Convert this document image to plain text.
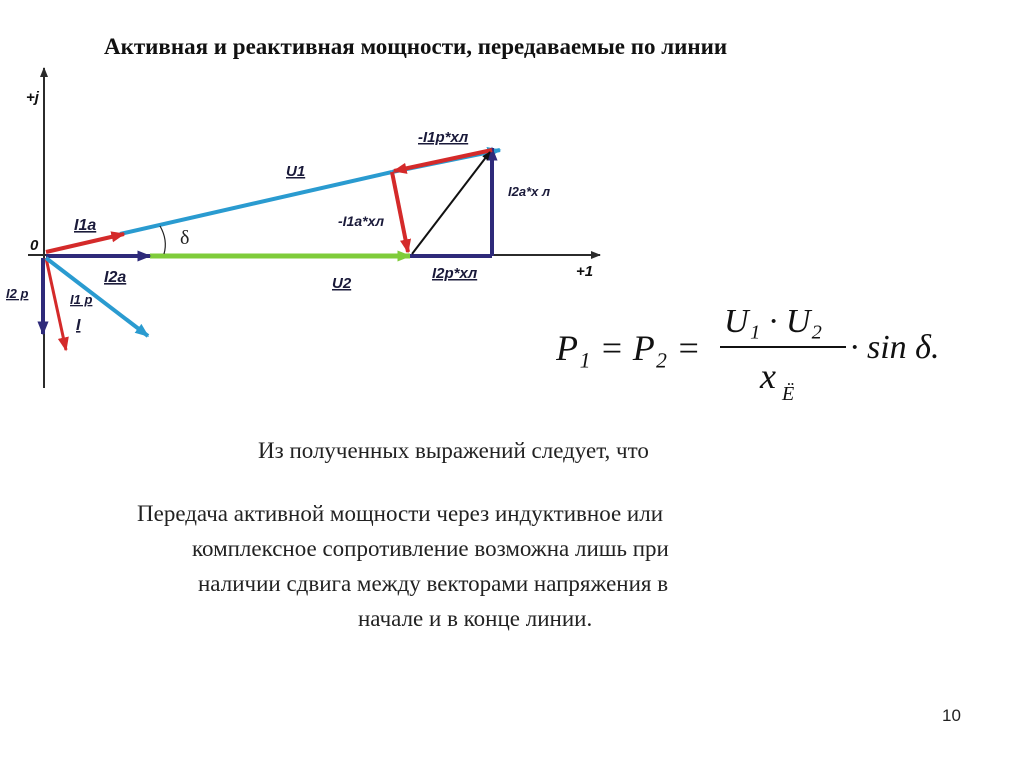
Активная и реактивная мощности, передаваемые по линии
+j
+1
0
U1
U2
I1a
I2a
I
I1 р
I2 р
-I1a*xл
-I1p*xл
I2a*x л
I2p*xл
δ
P₁ = P₂ =
U₁ · U₂
x Ё
· sin δ.
Из полученных выражений следует, что
Передача активной мощности через индуктивное или
комплексное сопротивление возможна лишь при
наличии сдвига между векторами напряжения в
начале и в конце линии.
10
